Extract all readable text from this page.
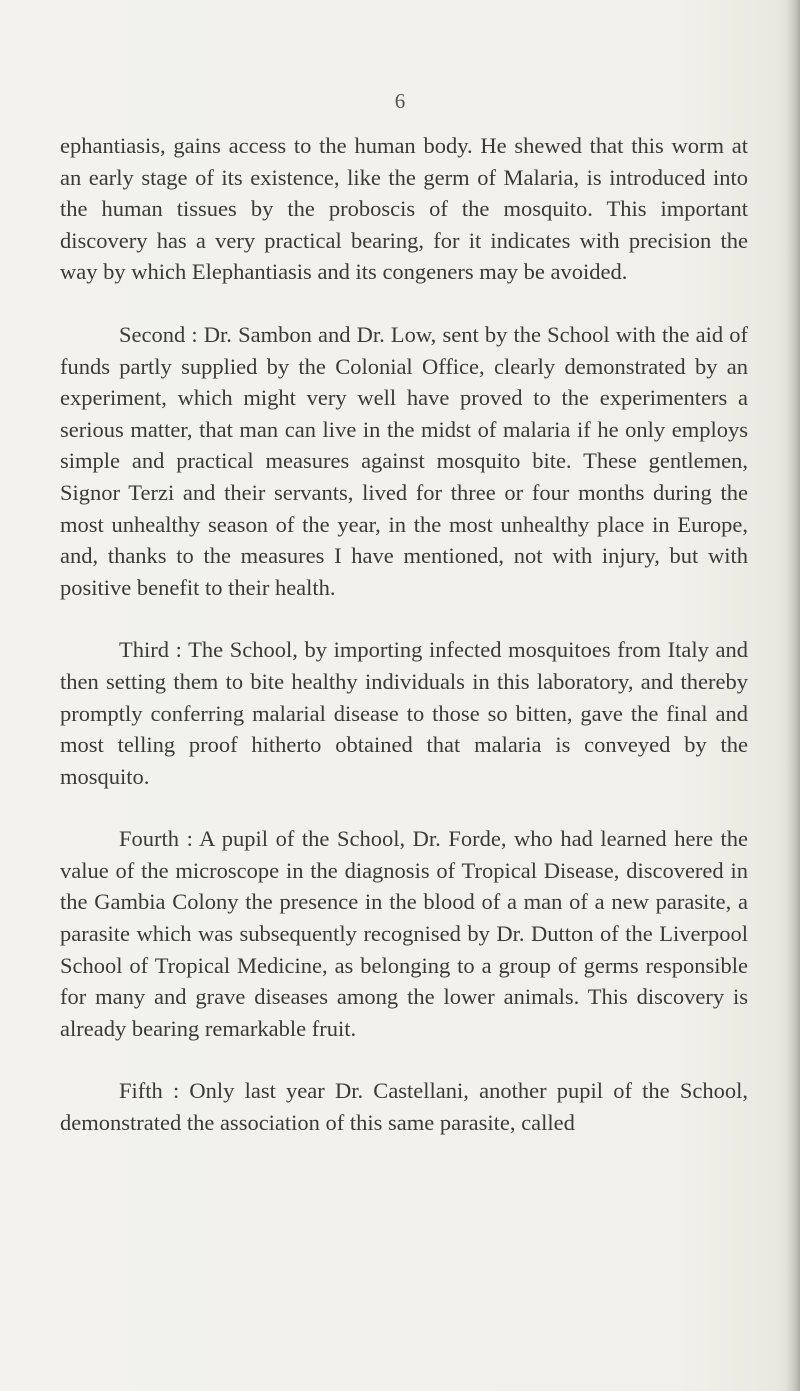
6

ephantiasis, gains access to the human body. He shewed that this worm at an early stage of its existence, like the germ of Malaria, is introduced into the human tissues by the proboscis of the mosquito. This important discovery has a very practical bearing, for it indicates with precision the way by which Elephantiasis and its congeners may be avoided.

Second : Dr. Sambon and Dr. Low, sent by the School with the aid of funds partly supplied by the Colonial Office, clearly demonstrated by an experiment, which might very well have proved to the experimenters a serious matter, that man can live in the midst of malaria if he only employs simple and practical measures against mosquito bite. These gentlemen, Signor Terzi and their servants, lived for three or four months during the most unhealthy season of the year, in the most unhealthy place in Europe, and, thanks to the measures I have mentioned, not with injury, but with positive benefit to their health.

Third : The School, by importing infected mosquitoes from Italy and then setting them to bite healthy individuals in this laboratory, and thereby promptly conferring malarial disease to those so bitten, gave the final and most telling proof hitherto obtained that malaria is conveyed by the mosquito.

Fourth : A pupil of the School, Dr. Forde, who had learned here the value of the microscope in the diagnosis of Tropical Disease, discovered in the Gambia Colony the presence in the blood of a man of a new parasite, a parasite which was subsequently recognised by Dr. Dutton of the Liverpool School of Tropical Medicine, as belonging to a group of germs responsible for many and grave diseases among the lower animals. This discovery is already bearing remarkable fruit.

Fifth : Only last year Dr. Castellani, another pupil of the School, demonstrated the association of this same parasite, called
